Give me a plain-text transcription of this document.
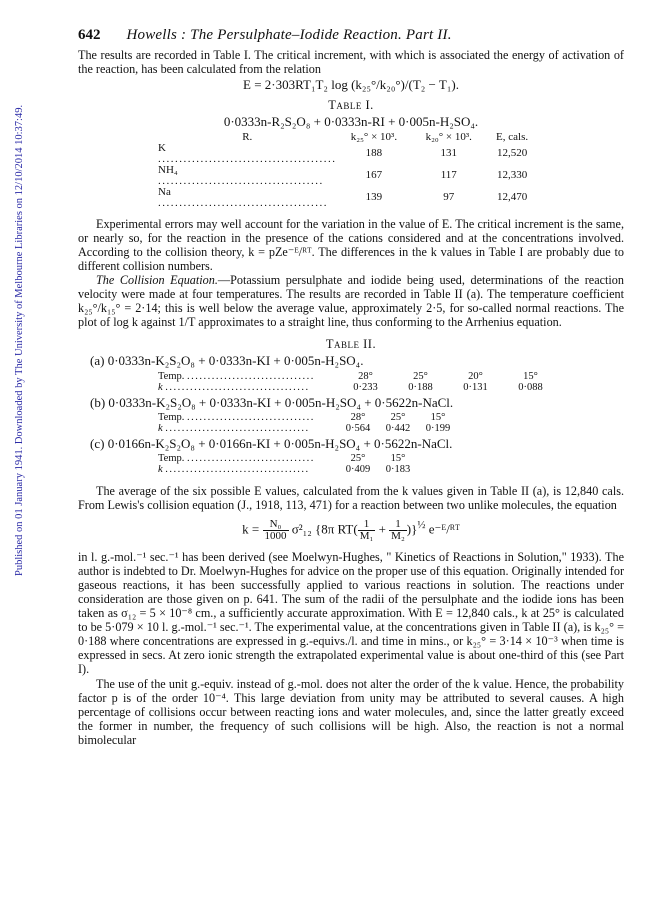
Published on 01 January 1941. Downloaded by The University of Melbourne Libraries on 12/10/2014 10:37:49.
642 Howells : The Persulphate–Iodide Reaction. Part II.

The results are recorded in Table I. The critical increment, with which is associated the energy of activation of the reaction, has been calculated from the relation

E = 2·303RT₁T₂ log (k₂₅°/k₂₀°)/(T₂ − T₁).
Table I.
0·0333n-R₂S₂O₈ + 0·0333n-RI + 0·005n-H₂SO₄.
R.	k₂₅° × 10³.	k₂₀° × 10³.	E, cals.
K ..........................................	188	131	12,520
NH₄ .......................................	167	117	12,330
Na ........................................	139	97	12,470

Experimental errors may well account for the variation in the value of E. The critical increment is the same, or nearly so, for the reaction in the presence of the cations considered and at the concentrations involved. According to the collision theory, k = pZe⁻ᴱ/ᴿᵀ. The differences in the k values in Table I are probably due to different collision numbers.

The Collision Equation.—Potassium persulphate and iodide being used, determinations of the reaction velocity were made at four temperatures. The results are recorded in Table II (a). The temperature coefficient k₂₅°/k₁₅° = 2·14; this is well below the average value, approximately 2·5, for so-called normal reactions. The plot of log k against 1/T approximates to a straight line, thus conforming to the Arrhenius equation.

Table II.
(a) 0·0333n-K₂S₂O₈ + 0·0333n-KI + 0·005n-H₂SO₄.
Temp. ...............................	28°	25°	20°	15°
k ...................................	0·233	0·188	0·131	0·088
(b) 0·0333n-K₂S₂O₈ + 0·0333n-KI + 0·005n-H₂SO₄ + 0·5622n-NaCl.
Temp. ...............................	28°	25°	15°
k ...................................	0·564	0·442	0·199
(c) 0·0166n-K₂S₂O₈ + 0·0166n-KI + 0·005n-H₂SO₄ + 0·5622n-NaCl.
Temp. ...............................	25°	15°
k ...................................	0·409	0·183

The average of the six possible E values, calculated from the k values given in Table II (a), is 12,840 cals. From Lewis's collision equation (J., 1918, 113, 471) for a reaction between two unlike molecules, the equation

$k = \frac{\text{N₀}}{1000} \sigma^2_{12}$ {8π $RT( \frac{1}{\text{M₁}} + \frac{1}{\text{M₂}} )\}^{\frac{1}{2}}$ e⁻ᴱ/ᴿᵀ

in l. g.-mol.⁻¹ sec.⁻¹ has been derived (see Moelwyn-Hughes, " Kinetics of Reactions in Solution," 1933). The author is indebted to Dr. Moelwyn-Hughes for advice on the proper use of this equation. Originally intended for gaseous reactions, it has been successfully applied to various reactions in solution. The reactions under consideration are those given on p. 641. The sum of the radii of the persulphate and the iodide ions has been taken as σ₁₂ = 5 × 10⁻⁸ cm., a sufficiently accurate approximation. With E = 12,840 cals., k at 25° is calculated to be 5·079 × 10 l. g.-mol.⁻¹ sec.⁻¹. The experimental value, at the concentrations given in Table II (a), is k₂₅° = 0·188 where concentrations are expressed in g.-equivs./l. and time in mins., or k₂₅° = 3·14 × 10⁻³ when time is expressed in secs. At zero ionic strength the extrapolated experimental value is about one-third of this (see Part I).

The use of the unit g.-equiv. instead of g.-mol. does not alter the order of the k value. Hence, the probability factor p is of the order 10⁻⁴. This large deviation from unity may be attributed to several causes. A high percentage of collisions occur between reacting ions and water molecules, and, since the latter greatly exceed the former in number, the frequency of such collisions will be high. Also, the reaction is not a normal bimolecular
